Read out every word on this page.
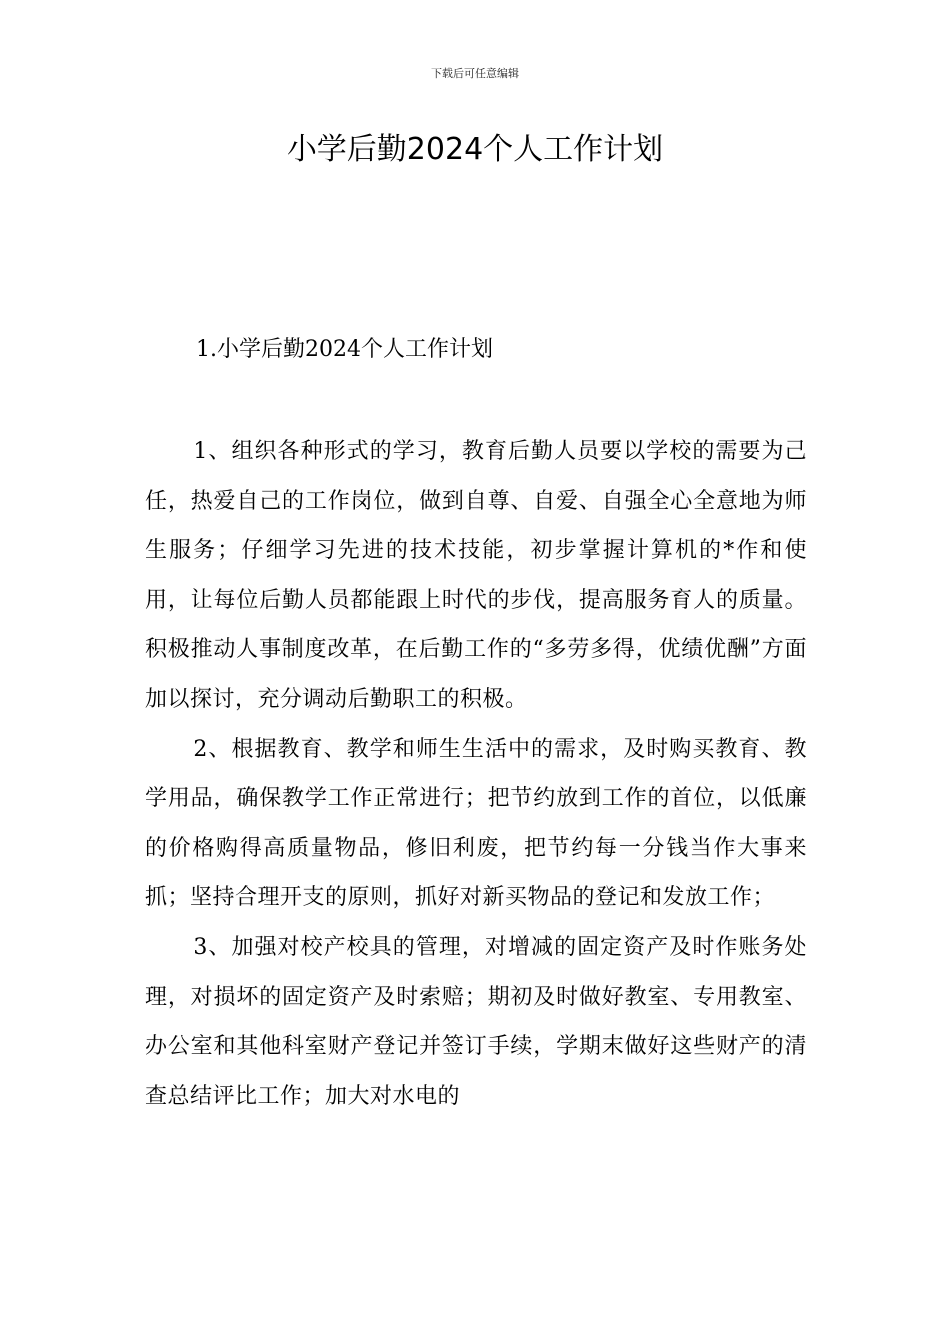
下载后可任意编辑
小学后勤2024个人工作计划
1.小学后勤2024个人工作计划

1、组织各种形式的学习，教育后勤人员要以学校的需要为己任，热爱自己的工作岗位，做到自尊、自爱、自强全心全意地为师生服务；仔细学习先进的技术技能，初步掌握计算机的*作和使用，让每位后勤人员都能跟上时代的步伐，提高服务育人的质量。积极推动人事制度改革，在后勤工作的“多劳多得，优绩优酬”方面加以探讨，充分调动后勤职工的积极。

2、根据教育、教学和师生生活中的需求，及时购买教育、教学用品，确保教学工作正常进行；把节约放到工作的首位，以低廉的价格购得高质量物品，修旧利废，把节约每一分钱当作大事来抓；坚持合理开支的原则，抓好对新买物品的登记和发放工作；

3、加强对校产校具的管理，对增减的固定资产及时作账务处理，对损坏的固定资产及时索赔；期初及时做好教室、专用教室、办公室和其他科室财产登记并签订手续，学期末做好这些财产的清查总结评比工作；加大对水电的
